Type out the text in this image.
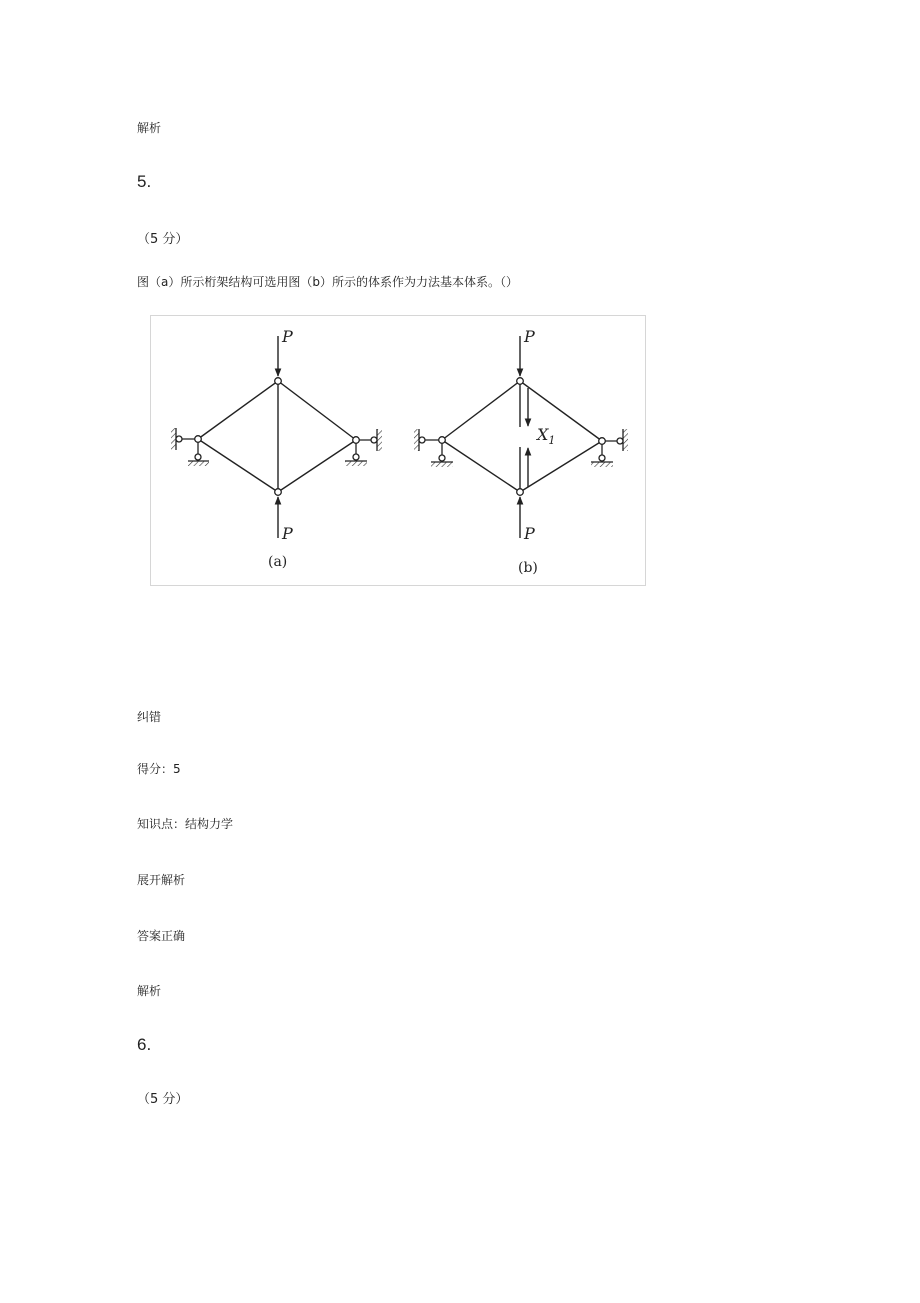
解析
5.
（5 分）
图（a）所示桁架结构可选用图（b）所示的体系作为力法基本体系。（）
P
P
(a)
P
P
$X_1$
(b)
纠错
得分：5
知识点：结构力学
展开解析
答案正确
解析
6.
（5 分）
